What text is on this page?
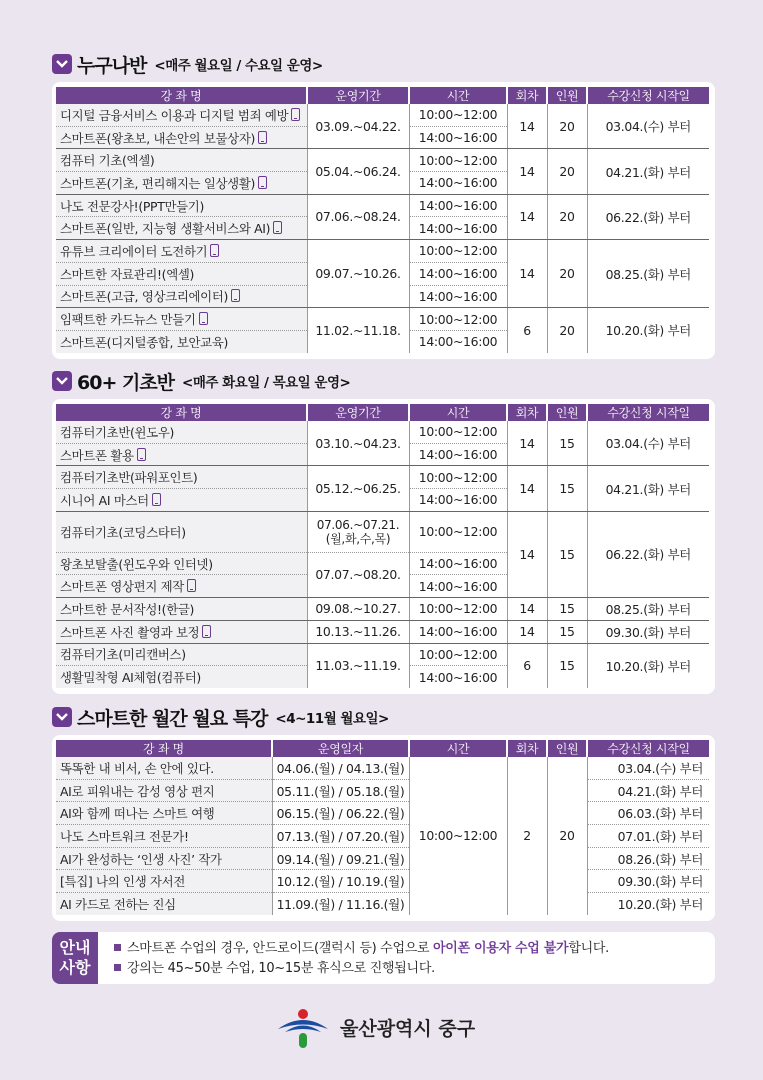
누구나반 <매주 월요일 / 수요일 운영>
강 좌 명	운영기간	시간	회차	인원	수강신청 시작일
디지털 금융서비스 이용과 디지털 범죄 예방	03.09.~04.22.	10:00~12:00	14	20	03.04.(수) 부터
스마트폰(왕초보, 내손안의 보물상자)		14:00~16:00			
컴퓨터 기초(엑셀)	05.04.~06.24.	10:00~12:00	14	20	04.21.(화) 부터
스마트폰(기초, 편리해지는 일상생활)		14:00~16:00			
나도 전문강사!(PPT만들기)	07.06.~08.24.	14:00~16:00	14	20	06.22.(화) 부터
스마트폰(일반, 지능형 생활서비스와 AI)		14:00~16:00			
유튜브 크리에이터 도전하기	09.07.~10.26.	10:00~12:00	14	20	08.25.(화) 부터
스마트한 자료관리!(엑셀)		14:00~16:00			
스마트폰(고급, 영상크리에이터)		14:00~16:00			
임팩트한 카드뉴스 만들기	11.02.~11.18.	10:00~12:00	6	20	10.20.(화) 부터
스마트폰(디지털종합, 보안교육)		14:00~16:00			
60+ 기초반 <매주 화요일 / 목요일 운영>
강 좌 명	운영기간	시간	회차	인원	수강신청 시작일
컴퓨터기초반(윈도우)	03.10.~04.23.	10:00~12:00	14	15	03.04.(수) 부터
스마트폰 활용		14:00~16:00			
컴퓨터기초반(파워포인트)	05.12.~06.25.	10:00~12:00	14	15	04.21.(화) 부터
시니어 AI 마스터		14:00~16:00			
컴퓨터기초(코딩스타터)	07.06.~07.21.
(월,화,수,목)	10:00~12:00	14	15	06.22.(화) 부터
왕초보탈출(윈도우와 인터넷)	07.07.~08.20.	14:00~16:00			
스마트폰 영상편지 제작		14:00~16:00			
스마트한 문서작성!(한글)	09.08.~10.27.	10:00~12:00	14	15	08.25.(화) 부터
스마트폰 사진 촬영과 보정	10.13.~11.26.	14:00~16:00	14	15	09.30.(화) 부터
컴퓨터기초(미리캔버스)	11.03.~11.19.	10:00~12:00	6	15	10.20.(화) 부터
생활밀착형 AI체험(컴퓨터)		14:00~16:00			
스마트한 월간 월요 특강 <4~11월 월요일>
강 좌 명	운영일자	시간	회차	인원	수강신청 시작일
똑똑한 내 비서, 손 안에 있다.	04.06.(월) / 04.13.(월)	10:00~12:00	2	20	03.04.(수) 부터
AI로 피워내는 감성 영상 편지	05.11.(월) / 05.18.(월)				04.21.(화) 부터
AI와 함께 떠나는 스마트 여행	06.15.(월) / 06.22.(월)				06.03.(화) 부터
나도 스마트워크 전문가!	07.13.(월) / 07.20.(월)				07.01.(화) 부터
AI가 완성하는 ‘인생 사진’ 작가	09.14.(월) / 09.21.(월)				08.26.(화) 부터
[특집] 나의 인생 자서전	10.12.(월) / 10.19.(월)				09.30.(화) 부터
AI 카드로 전하는 진심	11.09.(월) / 11.16.(월)				10.20.(화) 부터
안내
사항
스마트폰 수업의 경우, 안드로이드(갤럭시 등) 수업으로 아이폰 이용자 수업 불가합니다.
강의는 45~50분 수업, 10~15분 휴식으로 진행됩니다.
울산광역시 중구
